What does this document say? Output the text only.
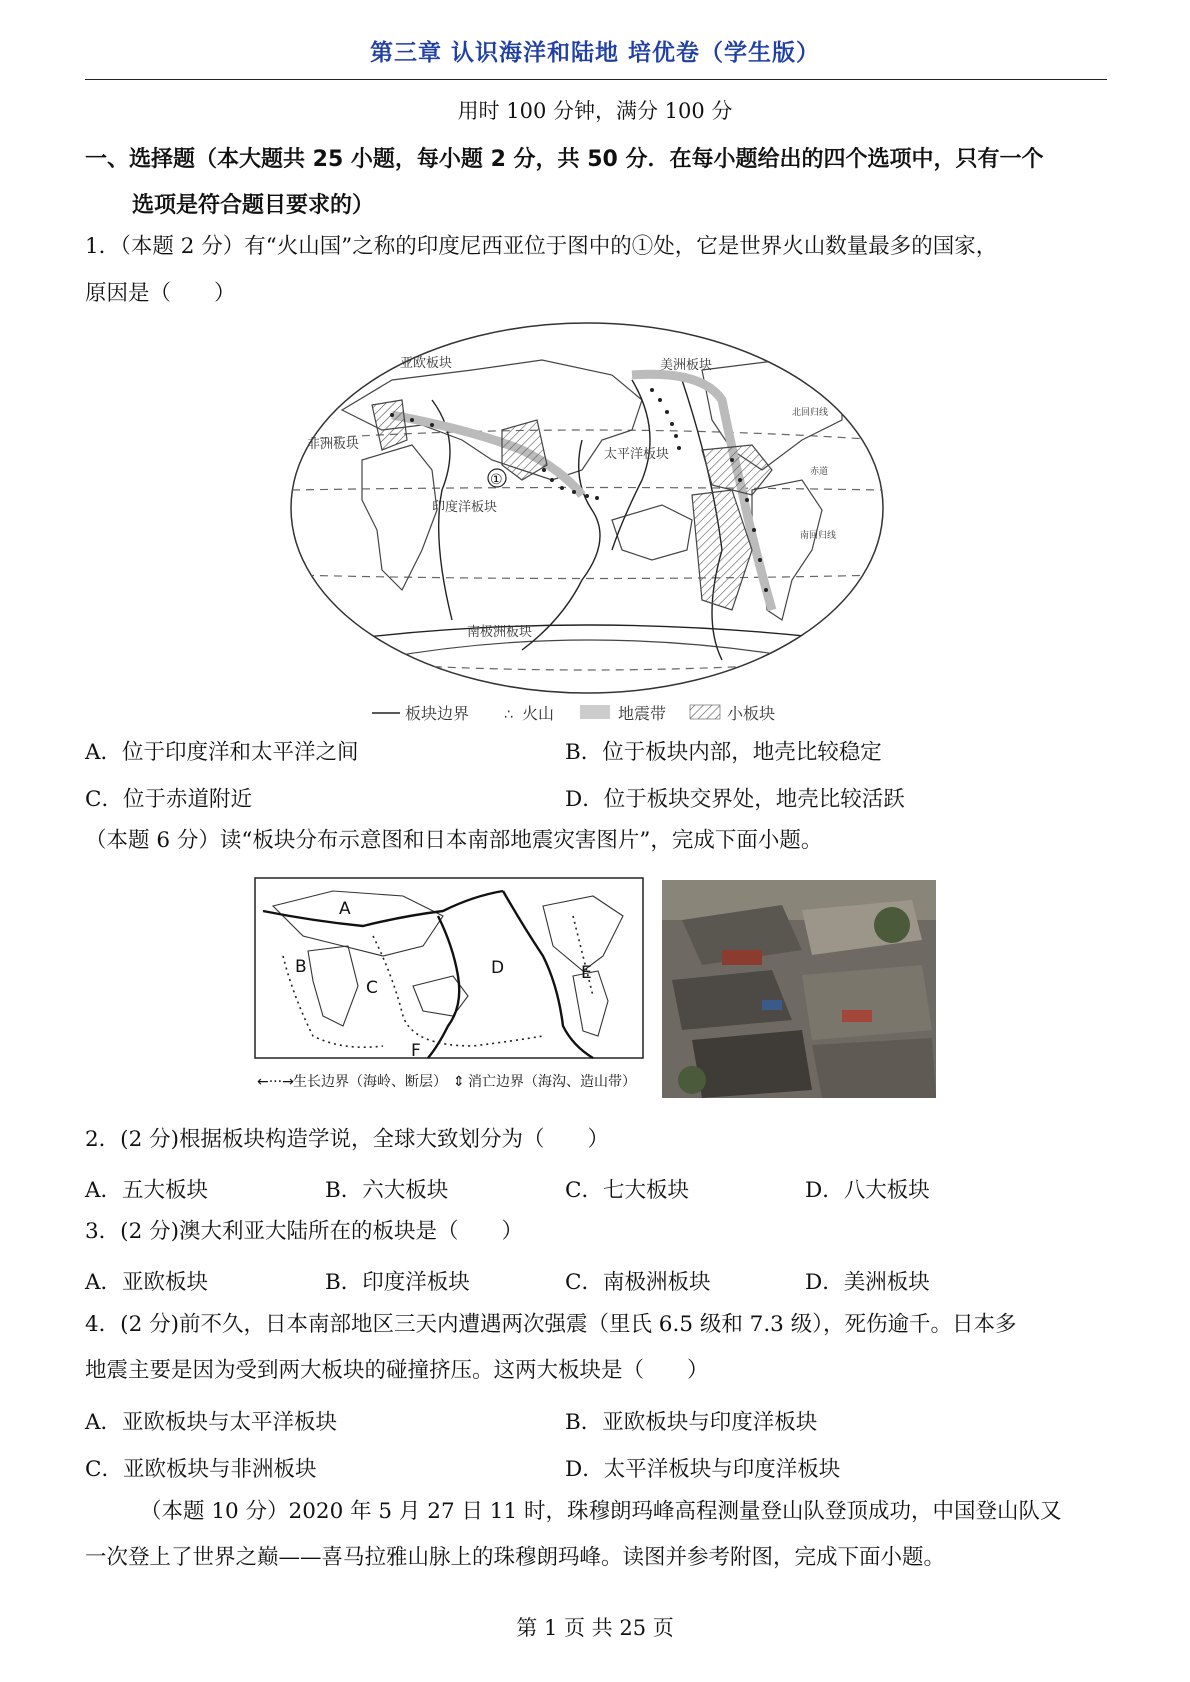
第三章 认识海洋和陆地 培优卷（学生版）
用时 100 分钟，满分 100 分
一、选择题（本大题共 25 小题，每小题 2 分，共 50 分．在每小题给出的四个选项中，只有一个
选项是符合题目要求的）
1．（本题 2 分）有“火山国”之称的印度尼西亚位于图中的①处，它是世界火山数量最多的国家，
原因是（　　）
亚欧板块	美洲板块
非洲板块
太平洋板块
印度洋板块
南极洲板块
①
北回归线
赤道
南回归线
板块边界 ∴ 火山	地震带	小板块
A．位于印度洋和太平洋之间	B．位于板块内部，地壳比较稳定
C．位于赤道附近	D．位于板块交界处，地壳比较活跃
（本题 6 分）读“板块分布示意图和日本南部地震灾害图片”，完成下面小题。
A
B
C
D	E
F
←···→ 生长边界（海岭、断层） ⇕ 消亡边界（海沟、造山带）
2．(2 分)根据板块构造学说，全球大致划分为（　　）
A．五大板块	B．六大板块	C．七大板块	D．八大板块
3．(2 分)澳大利亚大陆所在的板块是（　　）
A．亚欧板块	B．印度洋板块	C．南极洲板块	D．美洲板块
4．(2 分)前不久，日本南部地区三天内遭遇两次强震（里氏 6.5 级和 7.3 级），死伤逾千。日本多
地震主要是因为受到两大板块的碰撞挤压。这两大板块是（　　）
A．亚欧板块与太平洋板块	B．亚欧板块与印度洋板块
C．亚欧板块与非洲板块	D．太平洋板块与印度洋板块
（本题 10 分）2020 年 5 月 27 日 11 时，珠穆朗玛峰高程测量登山队登顶成功，中国登山队又
一次登上了世界之巅——喜马拉雅山脉上的珠穆朗玛峰。读图并参考附图，完成下面小题。
第 1 页 共 25 页
